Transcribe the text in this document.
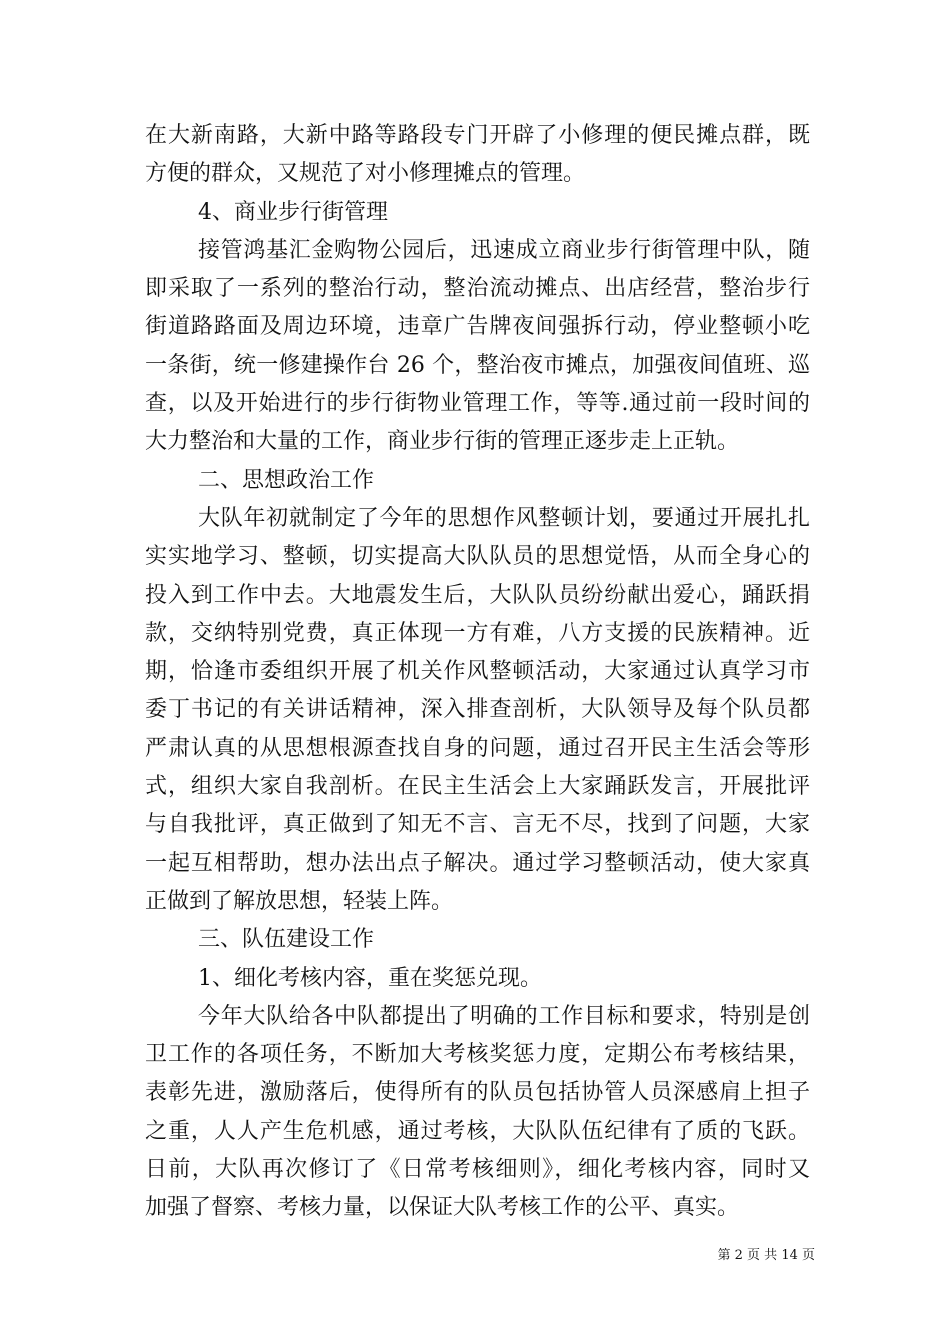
在大新南路，大新中路等路段专门开辟了小修理的便民摊点群，既
方便的群众，又规范了对小修理摊点的管理。
4、商业步行街管理
接管鸿基汇金购物公园后，迅速成立商业步行街管理中队，随
即采取了一系列的整治行动，整治流动摊点、出店经营，整治步行
街道路路面及周边环境，违章广告牌夜间强拆行动，停业整顿小吃
一条街，统一修建操作台 26 个，整治夜市摊点，加强夜间值班、巡
查，以及开始进行的步行街物业管理工作，等等.通过前一段时间的
大力整治和大量的工作，商业步行街的管理正逐步走上正轨。
二、思想政治工作
大队年初就制定了今年的思想作风整顿计划，要通过开展扎扎
实实地学习、整顿，切实提高大队队员的思想觉悟，从而全身心的
投入到工作中去。大地震发生后，大队队员纷纷献出爱心，踊跃捐
款，交纳特别党费，真正体现一方有难，八方支援的民族精神。近
期，恰逢市委组织开展了机关作风整顿活动，大家通过认真学习市
委丁书记的有关讲话精神，深入排查剖析，大队领导及每个队员都
严肃认真的从思想根源查找自身的问题，通过召开民主生活会等形
式，组织大家自我剖析。在民主生活会上大家踊跃发言，开展批评
与自我批评，真正做到了知无不言、言无不尽，找到了问题，大家
一起互相帮助，想办法出点子解决。通过学习整顿活动，使大家真
正做到了解放思想，轻装上阵。
三、队伍建设工作
1、细化考核内容，重在奖惩兑现。
今年大队给各中队都提出了明确的工作目标和要求，特别是创
卫工作的各项任务，不断加大考核奖惩力度，定期公布考核结果，
表彰先进，激励落后，使得所有的队员包括协管人员深感肩上担子
之重，人人产生危机感，通过考核，大队队伍纪律有了质的飞跃。
日前，大队再次修订了《日常考核细则》，细化考核内容，同时又
加强了督察、考核力量，以保证大队考核工作的公平、真实。
第 2 页 共 14 页
